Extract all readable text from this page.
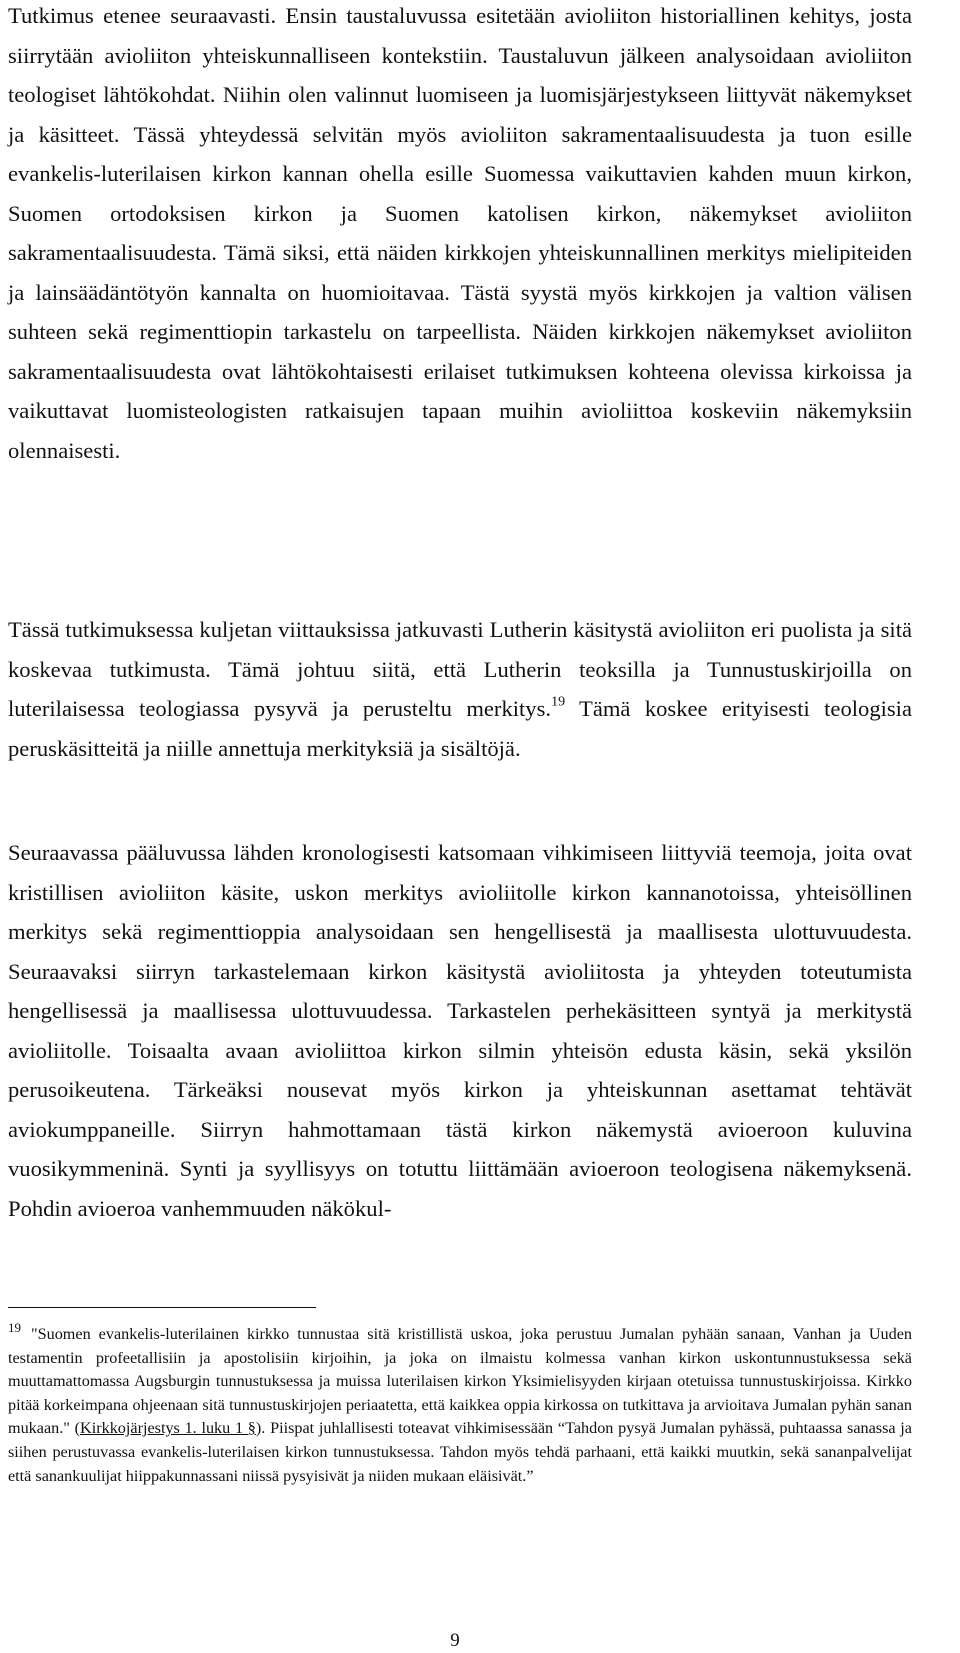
Tutkimus etenee seuraavasti. Ensin taustaluvussa esitetään avioliiton historiallinen kehitys, josta siirrytään avioliiton yhteiskunnalliseen kontekstiin. Taustaluvun jälkeen analysoidaan avioliiton teologiset lähtökohdat. Niihin olen valinnut luomiseen ja luomisjärjestykseen liittyvät näkemykset ja käsitteet. Tässä yhteydessä selvitän myös avioliiton sakramentaalisuudesta ja tuon esille evankelis-luterilaisen kirkon kannan ohella esille Suomessa vaikuttavien kahden muun kirkon, Suomen ortodoksisen kirkon ja Suomen katolisen kirkon, näkemykset avioliiton sakramentaalisuudesta. Tämä siksi, että näiden kirkkojen yhteiskunnallinen merkitys mielipiteiden ja lainsäädäntötyön kannalta on huomioitavaa. Tästä syystä myös kirkkojen ja valtion välisen suhteen sekä regimenttiopin tarkastelu on tarpeellista. Näiden kirkkojen näkemykset avioliiton sakramentaalisuudesta ovat lähtökohtaisesti erilaiset tutkimuksen kohteena olevissa kirkoissa ja vaikuttavat luomisteologisten ratkaisujen tapaan muihin avioliittoa koskeviin näkemyksiin olennaisesti.

Tässä tutkimuksessa kuljetan viittauksissa jatkuvasti Lutherin käsitystä avioliiton eri puolista ja sitä koskevaa tutkimusta. Tämä johtuu siitä, että Lutherin teoksilla ja Tunnustuskirjoilla on luterilaisessa teologiassa pysyvä ja perusteltu merkitys.$^{19}$ Tämä koskee erityisesti teologisia peruskäsitteitä ja niille annettuja merkityksiä ja sisältöjä.

Seuraavassa pääluvussa lähden kronologisesti katsomaan vihkimiseen liittyviä teemoja, joita ovat kristillisen avioliiton käsite, uskon merkitys avioliitolle kirkon kannanotoissa, yhteisöllinen merkitys sekä regimenttioppia analysoidaan sen hengellisestä ja maallisesta ulottuvuudesta. Seuraavaksi siirryn tarkastelemaan kirkon käsitystä avioliitosta ja yhteyden toteutumista hengellisessä ja maallisessa ulottuvuudessa. Tarkastelen perhekäsitteen syntyä ja merkitystä avioliitolle. Toisaalta avaan avioliittoa kirkon silmin yhteisön edusta käsin, sekä yksilön perusoikeutena. Tärkeäksi nousevat myös kirkon ja yhteiskunnan asettamat tehtävät aviokumppaneille. Siirryn hahmottamaan tästä kirkon näkemystä avioeroon kuluvina vuosikymmeninä. Synti ja syyllisyys on totuttu liittämään avioeroon teologisena näkemyksenä. Pohdin avioeroa vanhemmuuden näkökul-

$^{19}$ "Suomen evankelis-luterilainen kirkko tunnustaa sitä kristillistä uskoa, joka perustuu Jumalan pyhään sanaan, Vanhan ja Uuden testamentin profeetallisiin ja apostolisiin kirjoihin, ja joka on ilmaistu kolmessa vanhan kirkon uskontunnustuksessa sekä muuttamattomassa Augsburgin tunnustuksessa ja muissa luterilaisen kirkon Yksimielisyyden kirjaan otetuissa tunnustuskirjoissa. Kirkko pitää korkeimpana ohjeenaan sitä tunnustuskirjojen periaatetta, että kaikkea oppia kirkossa on tutkittava ja arvioitava Jumalan pyhän sanan mukaan." (Kirkkojärjestys 1. luku 1 §). Piispat juhlallisesti toteavat vihkimisessään “Tahdon pysyä Jumalan pyhässä, puhtaassa sanassa ja siihen perustuvassa evankelis-luterilaisen kirkon tunnustuksessa. Tahdon myös tehdä parhaani, että kaikki muutkin, sekä sananpalvelijat että sanankuulijat hiippakunnassani niissä pysyisivät ja niiden mukaan eläisivät.”

9
